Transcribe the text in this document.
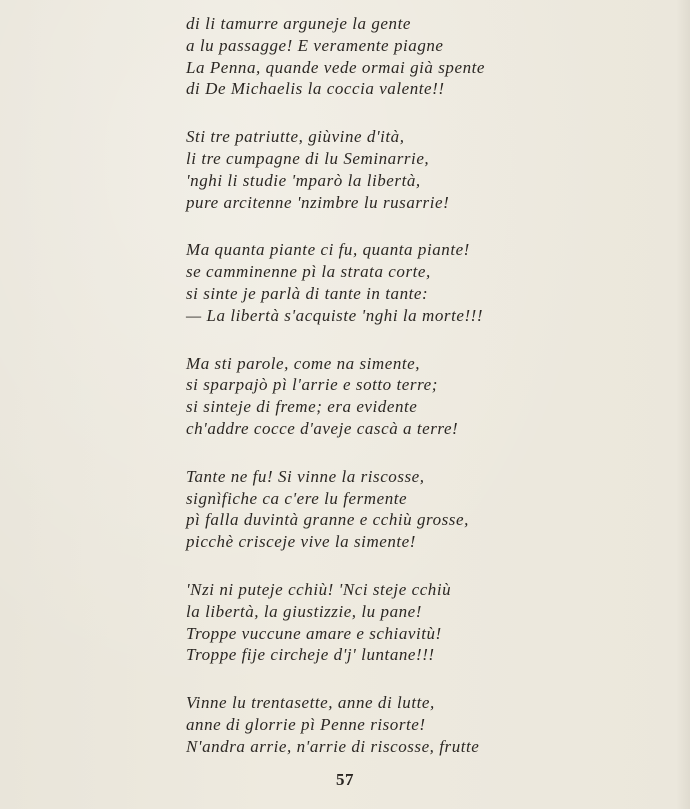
di li tamurre arguneje la gente
a lu passagge! E veramente piagne
La Penna, quande vede ormai già spente
di De Michaelis la coccia valente!!
Sti tre patriutte, giùvine d'ità,
li tre cumpagne di lu Seminarrie,
'nghi li studie 'mparò la libertà,
pure arcitenne 'nzimbre lu rusarrie!
Ma quanta piante ci fu, quanta piante!
se camminenne pì la strata corte,
si sinte je parlà di tante in tante:
— La libertà s'acquiste 'nghi la morte!!!
Ma sti parole, come na simente,
si sparpajò pì l'arrie e sotto terre;
si sinteje di freme; era evidente
ch'addre cocce d'aveje cascà a terre!
Tante ne fu! Si vinne la riscosse,
signìfiche ca c'ere lu fermente
pì falla duvintà granne e cchiù grosse,
picchè crisceje vive la simente!
'Nzi ni puteje cchiù! 'Nci steje cchiù
la libertà, la giustizzie, lu pane!
Troppe vuccune amare e schiavitù!
Troppe fije circheje d'j' luntane!!!
Vinne lu trentasette, anne di lutte,
anne di glorrie pì Penne risorte!
N'andra arrie, n'arrie di riscosse, frutte
57
